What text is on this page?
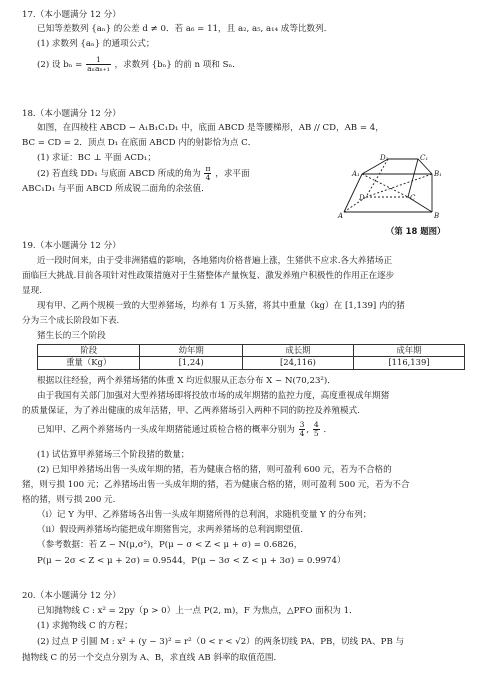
17.（本小题满分 12 分）
已知等差数列 {aₙ} 的公差 d ≠ 0．若 a₆ = 11，且 a₂, a₅, a₁₄ 成等比数列．
(1) 求数列 {aₙ} 的通项公式；
(2) 设 $b_n = \frac{1}{\text{aₙaₙ₊₁}}$ ，求数列 {bₙ} 的前 n 项和 Sₙ．
18.（本小题满分 12 分）
如图，在四棱柱 ABCD − A₁B₁C₁D₁ 中，底面 ABCD 是等腰梯形，AB // CD，AB = 4，
BC = CD = 2．顶点 D₁ 在底面 ABCD 内的射影恰为点 C．
(1) 求证：BC ⊥ 平面 ACD₁；
(2) 若直线 DD₁ 与底面 ABCD 所成的角为 $\frac{\pi}{4}$ ，求平面
ABC₁D₁ 与平面 ABCD 所成锐二面角的余弦值．
D₁	C₁
A₁	B₁
D	C
A	B
（第 18 题图）
19.（本小题满分 12 分）
近一段时间来，由于受非洲猪瘟的影响，各地猪肉价格普遍上涨，生猪供不应求.各大养猪场正
面临巨大挑战.目前各项针对性政策措施对于生猪整体产量恢复、激发养殖户积极性的作用正在逐步
显现.
现有甲、乙两个规模一致的大型养猪场，均养有 1 万头猪，将其中重量（kg）在 [1,139] 内的猪
分为三个成长阶段如下表.
猪生长的三个阶段
阶段	幼年期	成长期	成年期
重量（Kg）	[1,24)	[24,116)	[116,139]
根据以往经验，两个养猪场猪的体重 X 均近似服从正态分布 X ~ N(70,23²)．
由于我国有关部门加强对大型养猪场即将投放市场的成年期猪的监控力度，高度重视成年期猪
的质量保证，为了养出健康的成年活猪，甲、乙两养猪场引入两种不同的防控及养殖模式.
已知甲、乙两个养猪场内一头成年期猪能通过质检合格的概率分别为 $\frac{3}{4}$ , $\frac{4}{5}$ ．
(1) 试估算甲养猪场三个阶段猪的数量；
(2) 已知甲养猪场出售一头成年期的猪，若为健康合格的猪，则可盈利 600 元，若为不合格的
猪，则亏损 100 元；乙养猪场出售一头成年期的猪，若为健康合格的猪，则可盈利 500 元，若为不合
格的猪，则亏损 200 元.
（ⅰ）记 Y 为甲、乙养猪场各出售一头成年期猪所得的总利润，求随机变量 Y 的分布列；
（ⅱ）假设两养猪场均能把成年期猪售完，求两养猪场的总利润期望值.
（参考数据：若 Z ~ N(μ,σ²)，P(μ − σ < Z < μ + σ) = 0.6826，
P(μ − 2σ < Z < μ + 2σ) = 0.9544，P(μ − 3σ < Z < μ + 3σ) = 0.9974）
20.（本小题满分 12 分）
已知抛物线 C : x² = 2py（p > 0）上一点 P(2, m)，F 为焦点，△PFO 面积为 1．
(1) 求抛物线 C 的方程；
(2) 过点 P 引圆 M : x² + (y − 3)² = r²（0 < r < √2）的两条切线 PA、PB，切线 PA、PB 与
抛物线 C 的另一个交点分别为 A、B，求直线 AB 斜率的取值范围．
